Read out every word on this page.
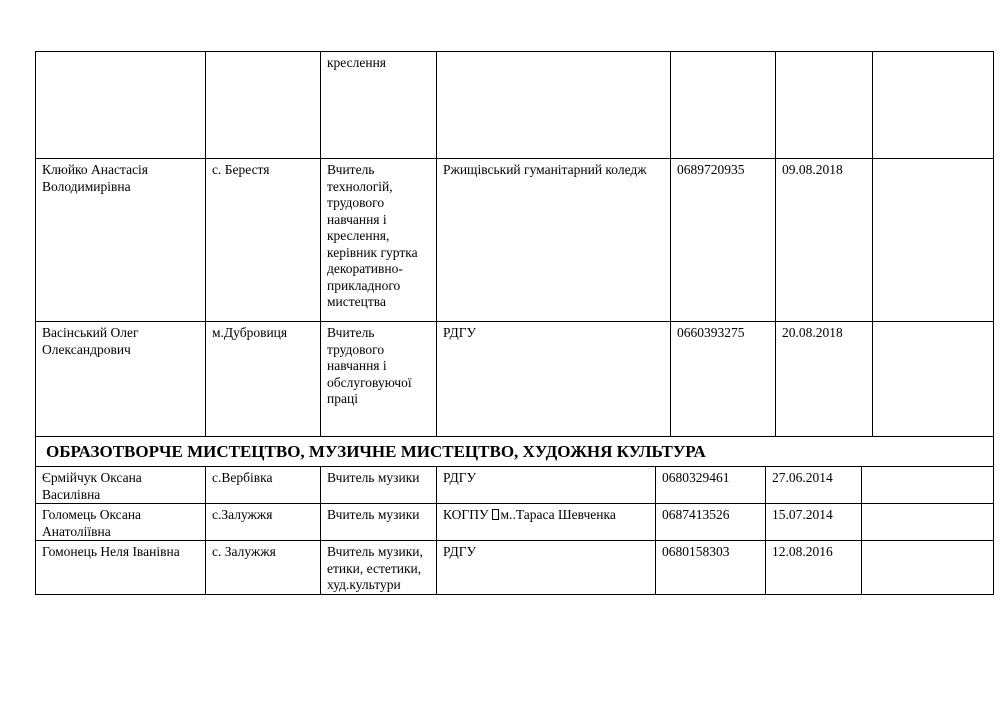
		креслення				
Клюйко Анастасія Володимирівна	с. Берестя	Вчитель технологій, трудового навчання і креслення, керівник гуртка декоративно-прикладного мистецтва	Ржищівський гуманітарний коледж	0689720935	09.08.2018	
Васінський Олег Олександрович	м.Дубровиця	Вчитель трудового навчання і обслуговуючої праці	РДГУ	0660393275	20.08.2018	
ОБРАЗОТВОРЧЕ МИСТЕЦТВО, МУЗИЧНЕ МИСТЕЦТВО, ХУДОЖНЯ КУЛЬТУРА						
Єрмійчук Оксана Василівна	с.Вербівка	Вчитель музики	РДГУ	0680329461	27.06.2014	
Голомець Оксана Анатоліївна	с.Залужжя	Вчитель музики	КОГПУ м..Тараса Шевченка	0687413526	15.07.2014	
Гомонець Неля Іванівна	с. Залужжя	Вчитель музики, етики, естетики, худ.культури	РДГУ	0680158303	12.08.2016	
